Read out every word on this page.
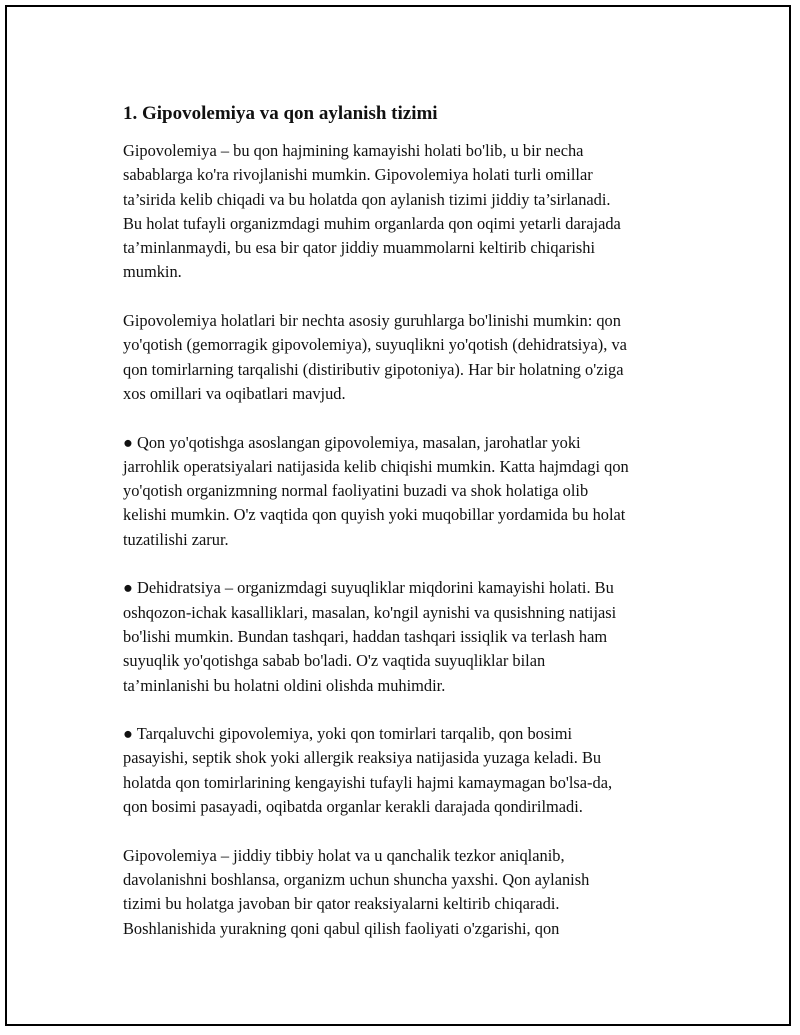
1. Gipovolemiya va qon aylanish tizimi

Gipovolemiya – bu qon hajmining kamayishi holati bo'lib, u bir necha
sabablarga ko'ra rivojlanishi mumkin. Gipovolemiya holati turli omillar
ta’sirida kelib chiqadi va bu holatda qon aylanish tizimi jiddiy ta’sirlanadi.
Bu holat tufayli organizmdagi muhim organlarda qon oqimi yetarli darajada
ta’minlanmaydi, bu esa bir qator jiddiy muammolarni keltirib chiqarishi
mumkin.

Gipovolemiya holatlari bir nechta asosiy guruhlarga bo'linishi mumkin: qon
yo'qotish (gemorragik gipovolemiya), suyuqlikni yo'qotish (dehidratsiya), va
qon tomirlarning tarqalishi (distiributiv gipotoniya). Har bir holatning o'ziga
xos omillari va oqibatlari mavjud.

● Qon yo'qotishga asoslangan gipovolemiya, masalan, jarohatlar yoki
jarrohlik operatsiyalari natijasida kelib chiqishi mumkin. Katta hajmdagi qon
yo'qotish organizmning normal faoliyatini buzadi va shok holatiga olib
kelishi mumkin. O'z vaqtida qon quyish yoki muqobillar yordamida bu holat
tuzatilishi zarur.

● Dehidratsiya – organizmdagi suyuqliklar miqdorini kamayishi holati. Bu
oshqozon-ichak kasalliklari, masalan, ko'ngil aynishi va qusishning natijasi
bo'lishi mumkin. Bundan tashqari, haddan tashqari issiqlik va terlash ham
suyuqlik yo'qotishga sabab bo'ladi. O'z vaqtida suyuqliklar bilan
ta’minlanishi bu holatni oldini olishda muhimdir.

● Tarqaluvchi gipovolemiya, yoki qon tomirlari tarqalib, qon bosimi
pasayishi, septik shok yoki allergik reaksiya natijasida yuzaga keladi. Bu
holatda qon tomirlarining kengayishi tufayli hajmi kamaymagan bo'lsa-da,
qon bosimi pasayadi, oqibatda organlar kerakli darajada qondirilmadi.

Gipovolemiya – jiddiy tibbiy holat va u qanchalik tezkor aniqlanib,
davolanishni boshlansa, organizm uchun shuncha yaxshi. Qon aylanish
tizimi bu holatga javoban bir qator reaksiyalarni keltirib chiqaradi.
Boshlanishida yurakning qoni qabul qilish faoliyati o'zgarishi, qon
